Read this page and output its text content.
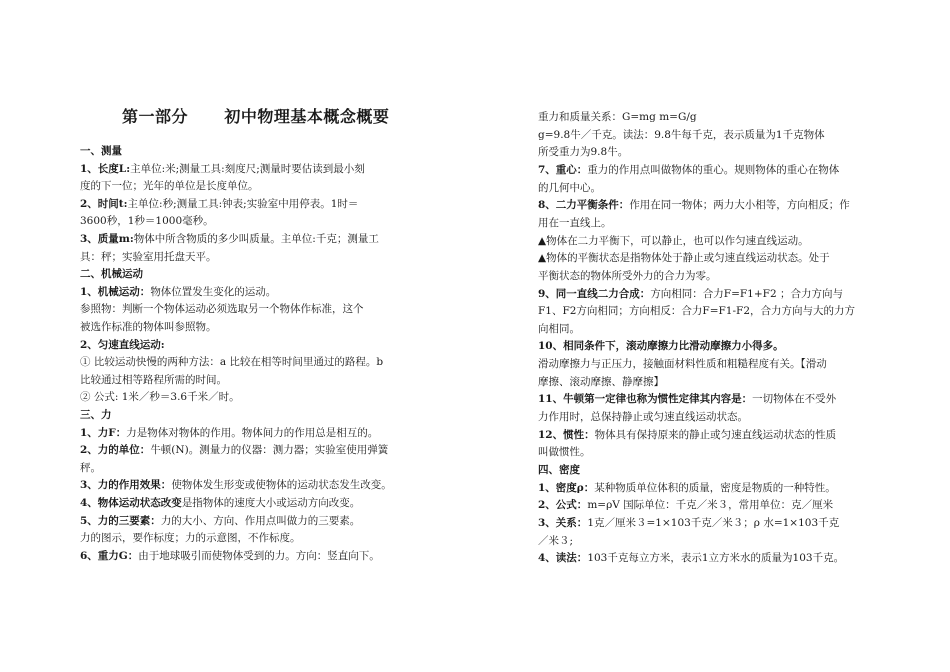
第一部分      初中物理基本概念概要
一、测量
1、长度L:主单位:米;测量工具:刻度尺;测量时要估读到最小刻
度的下一位；光年的单位是长度单位。
2、时间t:主单位:秒;测量工具:钟表;实验室中用停表。1时＝
3600秒，1秒＝1000毫秒。
3、质量m:物体中所含物质的多少叫质量。主单位:千克；测量工
具：秤；实验室用托盘天平。
二、机械运动
1、机械运动：物体位置发生变化的运动。
参照物：判断一个物体运动必须选取另一个物体作标准，这个
被选作标准的物体叫参照物。
2、匀速直线运动:
① 比较运动快慢的两种方法：a 比较在相等时间里通过的路程。b
比较通过相等路程所需的时间。
② 公式: 1米／秒＝3.6千米／时。
三、力
1、力F：力是物体对物体的作用。物体间力的作用总是相互的。
2、力的单位：牛顿(N)。测量力的仪器：测力器；实验室使用弹簧
秤。
3、力的作用效果：使物体发生形变或使物体的运动状态发生改变。
4、物体运动状态改变是指物体的速度大小或运动方向改变。
5、力的三要素：力的大小、方向、作用点叫做力的三要素。
力的图示，要作标度；力的示意图，不作标度。
6、重力G：由于地球吸引而使物体受到的力。方向：竖直向下。
重力和质量关系：G=mg m=G/g
g=9.8牛／千克。读法：9.8牛每千克，表示质量为1千克物体
所受重力为9.8牛。
7、重心：重力的作用点叫做物体的重心。规则物体的重心在物体
的几何中心。
8、二力平衡条件：作用在同一物体；两力大小相等，方向相反；作
用在一直线上。
▲物体在二力平衡下，可以静止，也可以作匀速直线运动。
▲物体的平衡状态是指物体处于静止或匀速直线运动状态。处于
平衡状态的物体所受外力的合力为零。
9、同一直线二力合成：方向相同：合力F=F1+F2 ；合力方向与
F1、F2方向相同；方向相反：合力F=F1-F2，合力方向与大的力方
向相同。
10、相同条件下，滚动摩擦力比滑动摩擦力小得多。
滑动摩擦力与正压力，接触面材料性质和粗糙程度有关。【滑动
摩擦、滚动摩擦、静摩擦】
11、牛顿第一定律也称为惯性定律其内容是：一切物体在不受外
力作用时，总保持静止或匀速直线运动状态。
12、惯性：物体具有保持原来的静止或匀速直线运动状态的性质
叫做惯性。
四、密度
1、密度ρ：某种物质单位体积的质量，密度是物质的一种特性。
2、公式：m=ρV 国际单位：千克／米３，常用单位：克／厘米
3、关系：1克／厘米３=1×103千克／米３；ρ 水=1×103千克
／米３;
4、读法：103千克每立方米，表示1立方米水的质量为103千克。
